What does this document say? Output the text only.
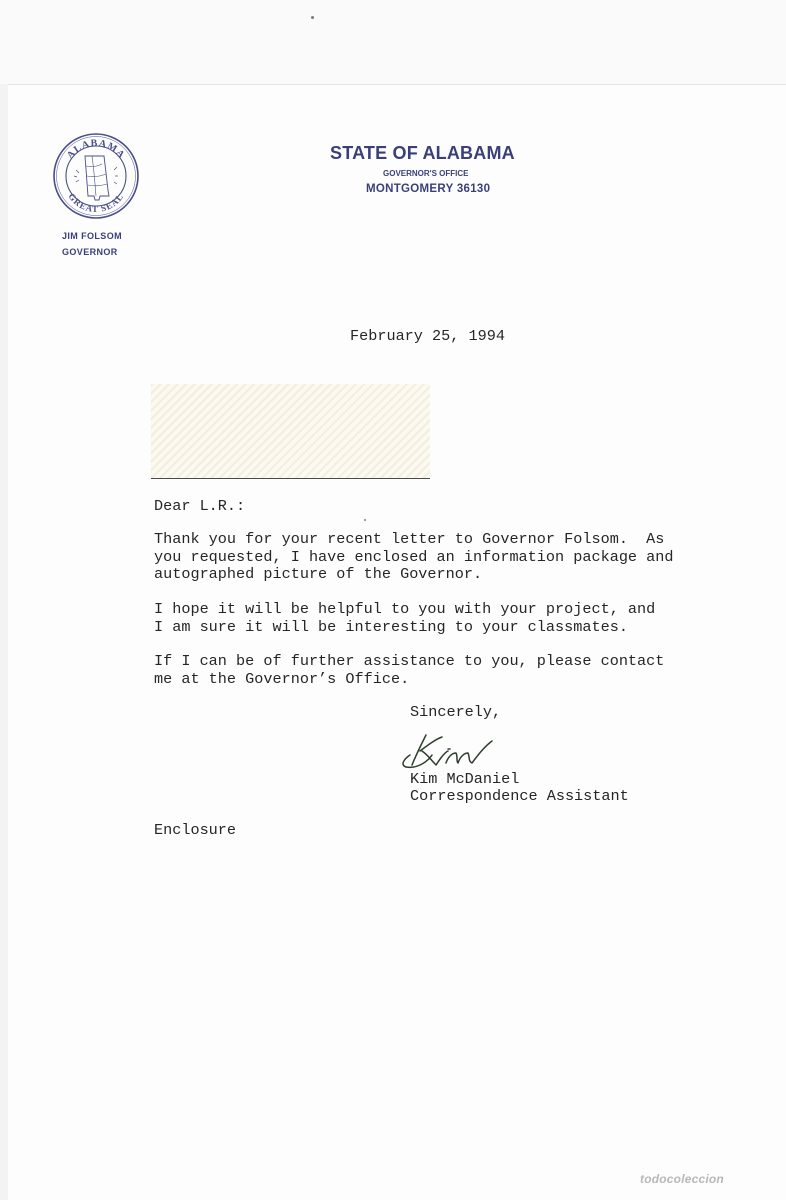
ALABAMA
GREAT SEAL
JIM FOLSOM
GOVERNOR
STATE OF ALABAMA
GOVERNOR'S OFFICE
MONTGOMERY 36130
February 25, 1994
Dear L.R.:
Thank you for your recent letter to Governor Folsom.  As
you requested, I have enclosed an information package and
autographed picture of the Governor.
I hope it will be helpful to you with your project, and
I am sure it will be interesting to your classmates.
If I can be of further assistance to you, please contact
me at the Governor’s Office.
Sincerely,
Kim McDaniel
Correspondence Assistant
Enclosure
todocoleccion
